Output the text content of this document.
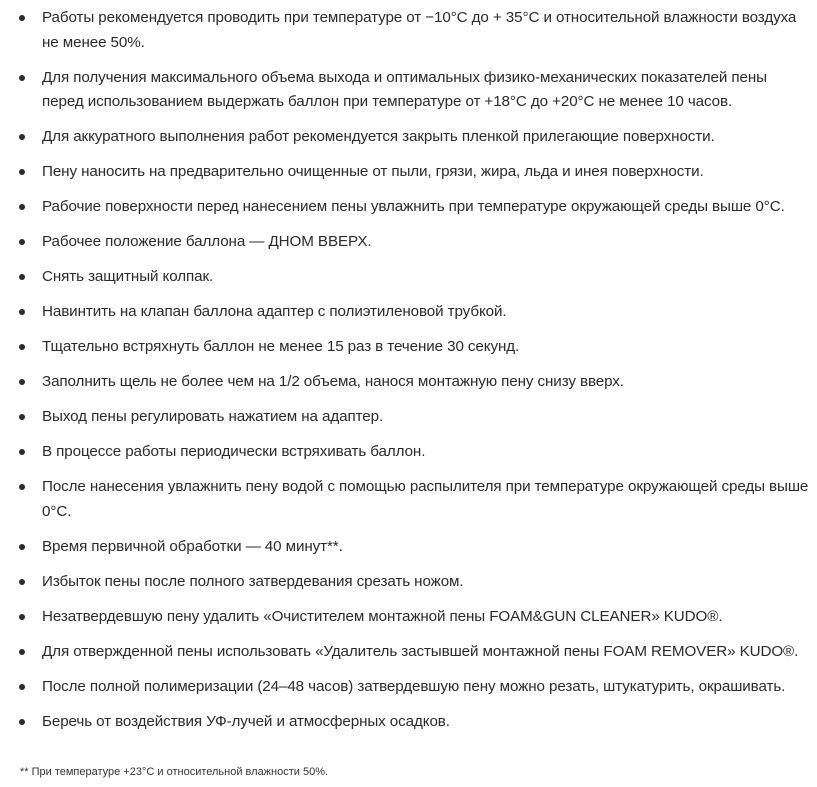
Работы рекомендуется проводить при температуре от −10°С до + 35°С и относительной влажности воздуха не менее 50%.
Для получения максимального объема выхода и оптимальных физико-механических показателей пены перед использованием выдержать баллон при температуре от +18°С до +20°С не менее 10 часов.
Для аккуратного выполнения работ рекомендуется закрыть пленкой прилегающие поверхности.
Пену наносить на предварительно очищенные от пыли, грязи, жира, льда и инея поверхности.
Рабочие поверхности перед нанесением пены увлажнить при температуре окружающей среды выше 0°С.
Рабочее положение баллона — ДНОМ ВВЕРХ.
Снять защитный колпак.
Навинтить на клапан баллона адаптер с полиэтиленовой трубкой.
Тщательно встряхнуть баллон не менее 15 раз в течение 30 секунд.
Заполнить щель не более чем на 1/2 объема, нанося монтажную пену снизу вверх.
Выход пены регулировать нажатием на адаптер.
В процессе работы периодически встряхивать баллон.
После нанесения увлажнить пену водой с помощью распылителя при температуре окружающей среды выше 0°С.
Время первичной обработки — 40 минут**.
Избыток пены после полного затвердевания срезать ножом.
Незатвердевшую пену удалить «Очистителем монтажной пены FOAM&GUN CLEANER» KUDO®.
Для отвержденной пены использовать «Удалитель застывшей монтажной пены FOAM REMOVER» KUDO®.
После полной полимеризации (24–48 часов) затвердевшую пену можно резать, штукатурить, окрашивать.
Беречь от воздействия УФ-лучей и атмосферных осадков.
** При температуре +23°С и относительной влажности 50%.
